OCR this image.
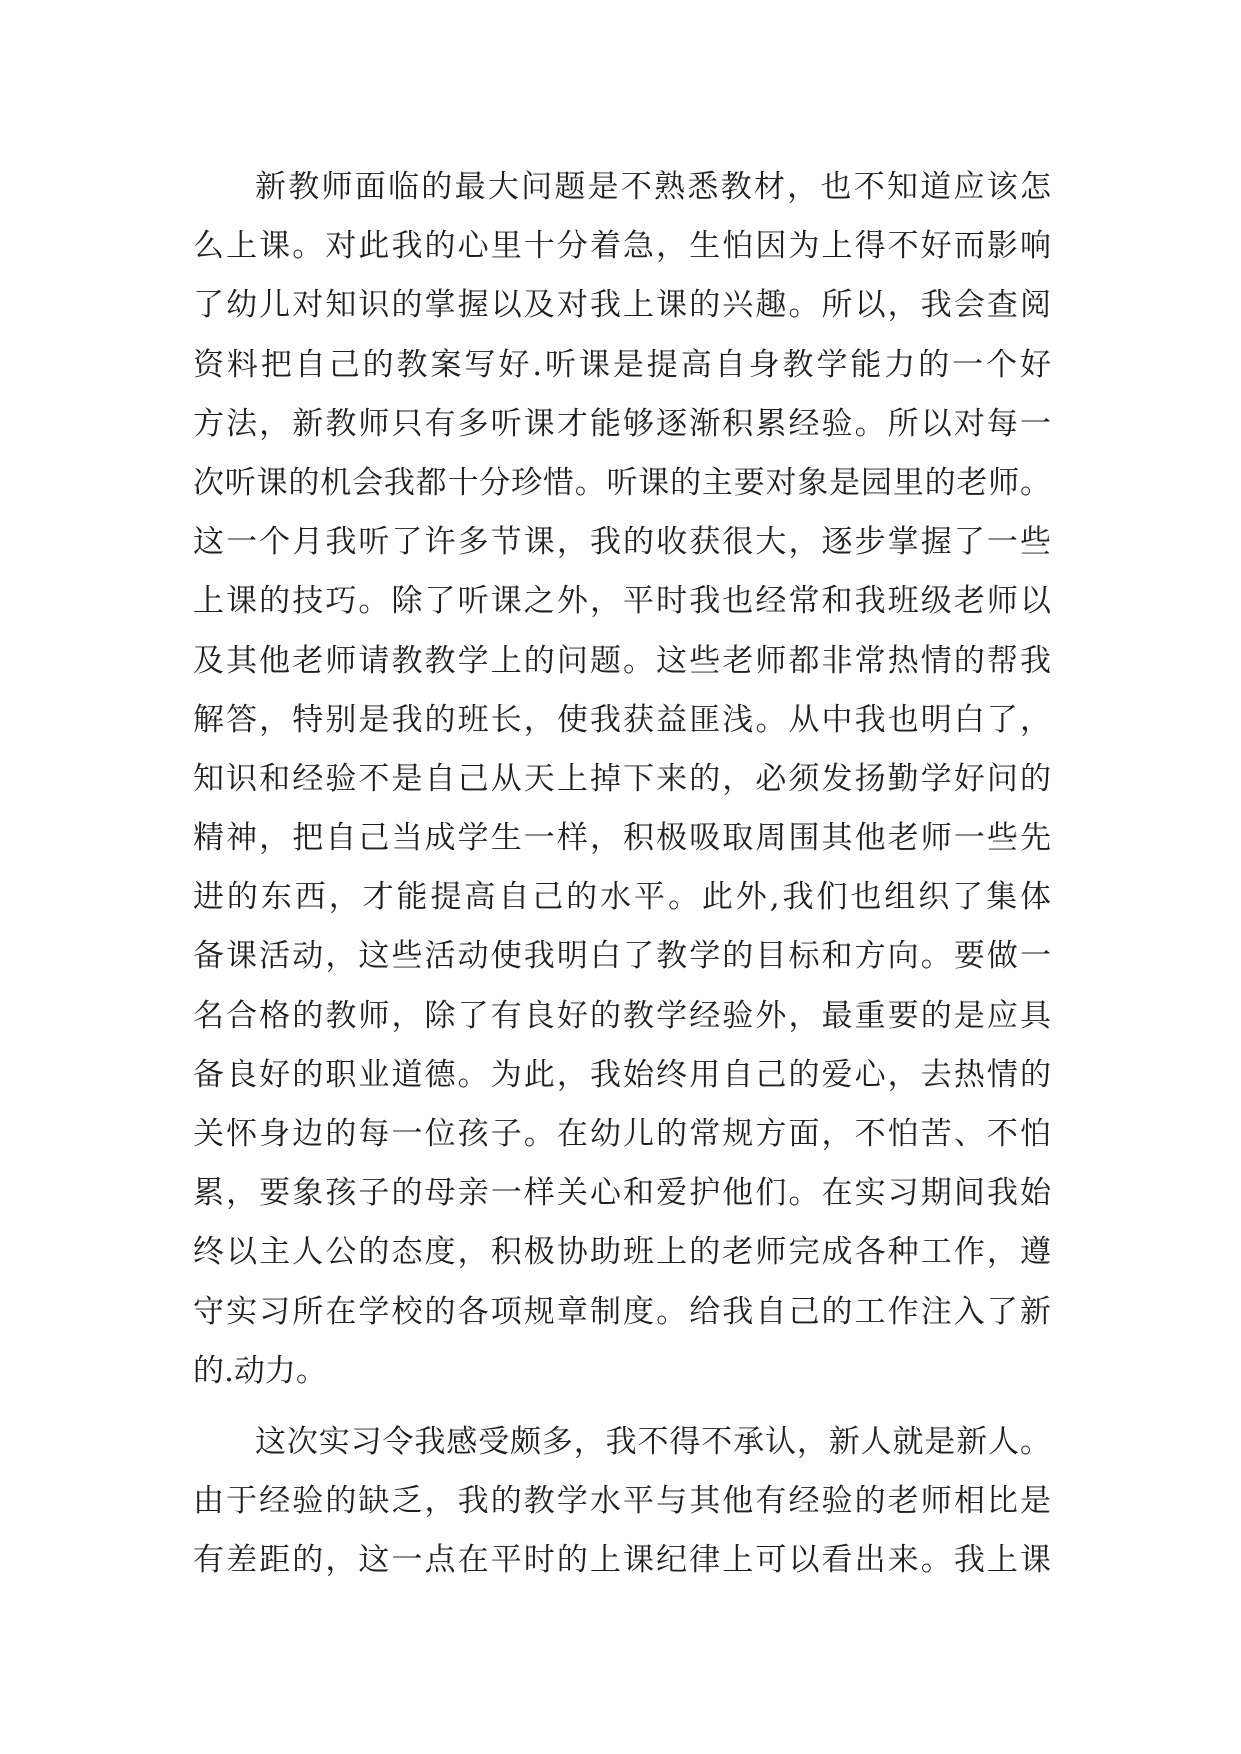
新教师面临的最大问题是不熟悉教材，也不知道应该怎
么上课。对此我的心里十分着急，生怕因为上得不好而影响
了幼儿对知识的掌握以及对我上课的兴趣。所以，我会查阅
资料把自己的教案写好.听课是提高自身教学能力的一个好
方法，新教师只有多听课才能够逐渐积累经验。所以对每一
次听课的机会我都十分珍惜。听课的主要对象是园里的老师。
这一个月我听了许多节课，我的收获很大，逐步掌握了一些
上课的技巧。除了听课之外，平时我也经常和我班级老师以
及其他老师请教教学上的问题。这些老师都非常热情的帮我
解答，特别是我的班长，使我获益匪浅。从中我也明白了，
知识和经验不是自己从天上掉下来的，必须发扬勤学好问的
精神，把自己当成学生一样，积极吸取周围其他老师一些先
进的东西，才能提高自己的水平。此外,我们也组织了集体
备课活动，这些活动使我明白了教学的目标和方向。要做一
名合格的教师，除了有良好的教学经验外，最重要的是应具
备良好的职业道德。为此，我始终用自己的爱心，去热情的
关怀身边的每一位孩子。在幼儿的常规方面，不怕苦、不怕
累，要象孩子的母亲一样关心和爱护他们。在实习期间我始
终以主人公的态度，积极协助班上的老师完成各种工作，遵
守实习所在学校的各项规章制度。给我自己的工作注入了新
的.动力。
这次实习令我感受颇多，我不得不承认，新人就是新人。
由于经验的缺乏，我的教学水平与其他有经验的老师相比是
有差距的，这一点在平时的上课纪律上可以看出来。我上课
